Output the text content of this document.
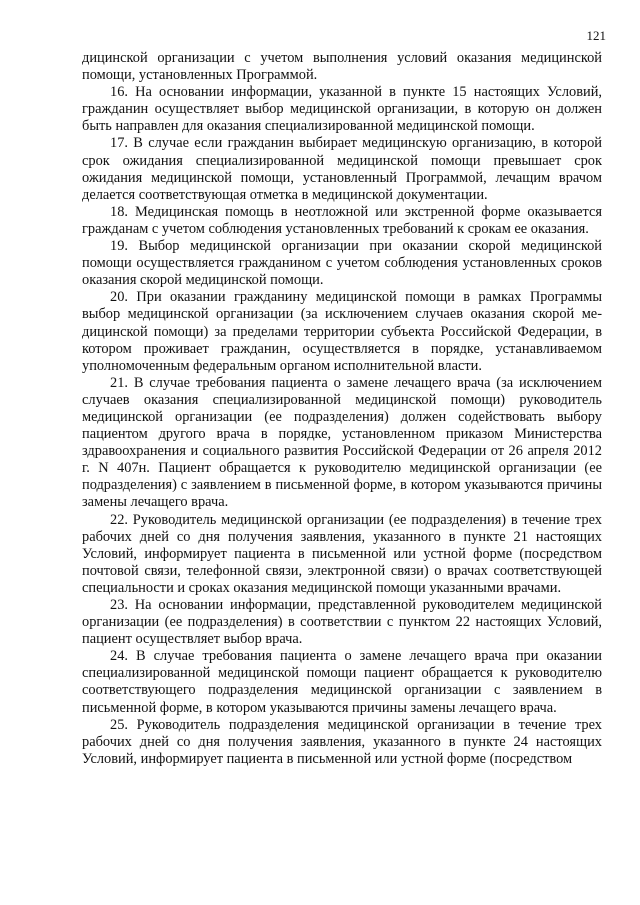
121

дицинской организации с учетом выполнения условий оказания медицинской помощи, установленных Программой.

16. На основании информации, указанной в пункте 15 настоящих Условий, гражданин осуществляет выбор медицинской организации, в которую он должен быть направлен для оказания специализированной медицинской помощи.

17. В случае если гражданин выбирает медицинскую организацию, в которой срок ожидания специализированной медицинской помощи превышает срок ожидания медицинской помощи, установленный Программой, лечащим врачом делается соответствующая отметка в медицинской документации.

18. Медицинская помощь в неотложной или экстренной форме оказывается гражданам с учетом соблюдения установленных требований к срокам ее оказания.

19. Выбор медицинской организации при оказании скорой медицинской помощи осуществляется гражданином с учетом соблюдения установленных сроков оказания скорой медицинской помощи.

20. При оказании гражданину медицинской помощи в рамках Программы выбор медицинской организации (за исключением случаев оказания скорой медицинской помощи) за пределами территории субъекта Российской Федерации, в котором проживает гражданин, осуществляется в порядке, устанавливаемом уполномоченным федеральным органом исполнительной власти.

21. В случае требования пациента о замене лечащего врача (за исключением случаев оказания специализированной медицинской помощи) руководитель медицинской организации (ее подразделения) должен содействовать выбору пациентом другого врача в порядке, установленном приказом Министерства здравоохранения и социального развития Российской Федерации от 26 апреля 2012 г. N 407н. Пациент обращается к руководителю медицинской организации (ее подразделения) с заявлением в письменной форме, в котором указываются причины замены лечащего врача.

22. Руководитель медицинской организации (ее подразделения) в течение трех рабочих дней со дня получения заявления, указанного в пункте 21 настоящих Условий, информирует пациента в письменной или устной форме (посредством почтовой связи, телефонной связи, электронной связи) о врачах соответствующей специальности и сроках оказания медицинской помощи указанными врачами.

23. На основании информации, представленной руководителем медицинской организации (ее подразделения) в соответствии с пунктом 22 настоящих Условий, пациент осуществляет выбор врача.

24. В случае требования пациента о замене лечащего врача при оказании специализированной медицинской помощи пациент обращается к руководителю соответствующего подразделения медицинской организации с заявлением в письменной форме, в котором указываются причины замены лечащего врача.

25. Руководитель подразделения медицинской организации в течение трех рабочих дней со дня получения заявления, указанного в пункте 24 настоящих Условий, информирует пациента в письменной или устной форме (посредством
